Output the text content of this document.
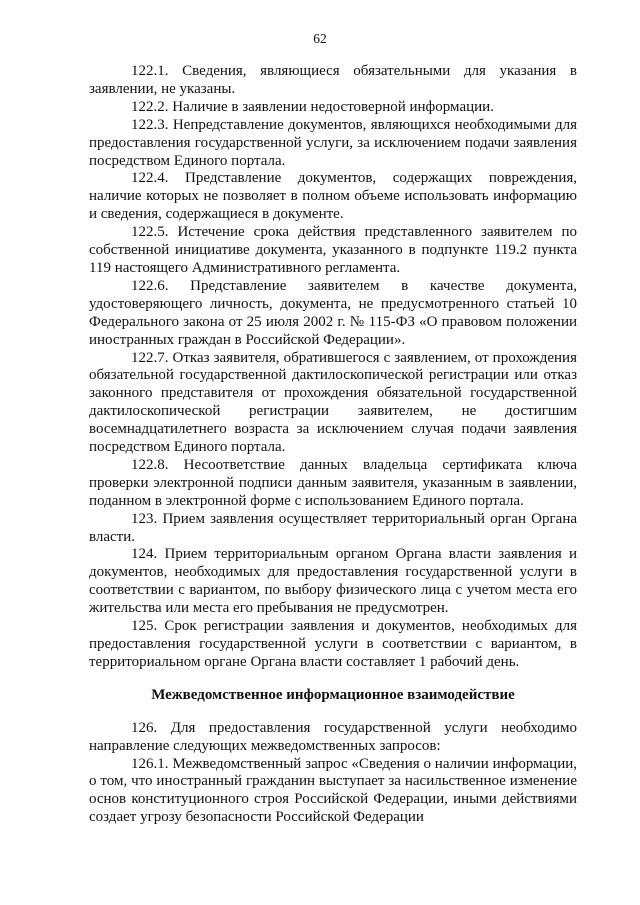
62

122.1. Сведения, являющиеся обязательными для указания в заявлении, не указаны.

122.2. Наличие в заявлении недостоверной информации.

122.3. Непредставление документов, являющихся необходимыми для предоставления государственной услуги, за исключением подачи заявления посредством Единого портала.

122.4. Представление документов, содержащих повреждения, наличие которых не позволяет в полном объеме использовать информацию и сведения, содержащиеся в документе.

122.5. Истечение срока действия представленного заявителем по собственной инициативе документа, указанного в подпункте 119.2 пункта 119 настоящего Административного регламента.

122.6. Представление заявителем в качестве документа, удостоверяющего личность, документа, не предусмотренного статьей 10 Федерального закона от 25 июля 2002 г. № 115-ФЗ «О правовом положении иностранных граждан в Российской Федерации».

122.7. Отказ заявителя, обратившегося с заявлением, от прохождения обязательной государственной дактилоскопической регистрации или отказ законного представителя от прохождения обязательной государственной дактилоскопической регистрации заявителем, не достигшим восемнадцатилетнего возраста за исключением случая подачи заявления посредством Единого портала.

122.8. Несоответствие данных владельца сертификата ключа проверки электронной подписи данным заявителя, указанным в заявлении, поданном в электронной форме с использованием Единого портала.

123. Прием заявления осуществляет территориальный орган Органа власти.

124. Прием территориальным органом Органа власти заявления и документов, необходимых для предоставления государственной услуги в соответствии с вариантом, по выбору физического лица с учетом места его жительства или места его пребывания не предусмотрен.

125. Срок регистрации заявления и документов, необходимых для предоставления государственной услуги в соответствии с вариантом, в территориальном органе Органа власти составляет 1 рабочий день.

Межведомственное информационное взаимодействие

126. Для предоставления государственной услуги необходимо направление следующих межведомственных запросов:

126.1. Межведомственный запрос «Сведения о наличии информации, о том, что иностранный гражданин выступает за насильственное изменение основ конституционного строя Российской Федерации, иными действиями создает угрозу безопасности Российской Федерации
